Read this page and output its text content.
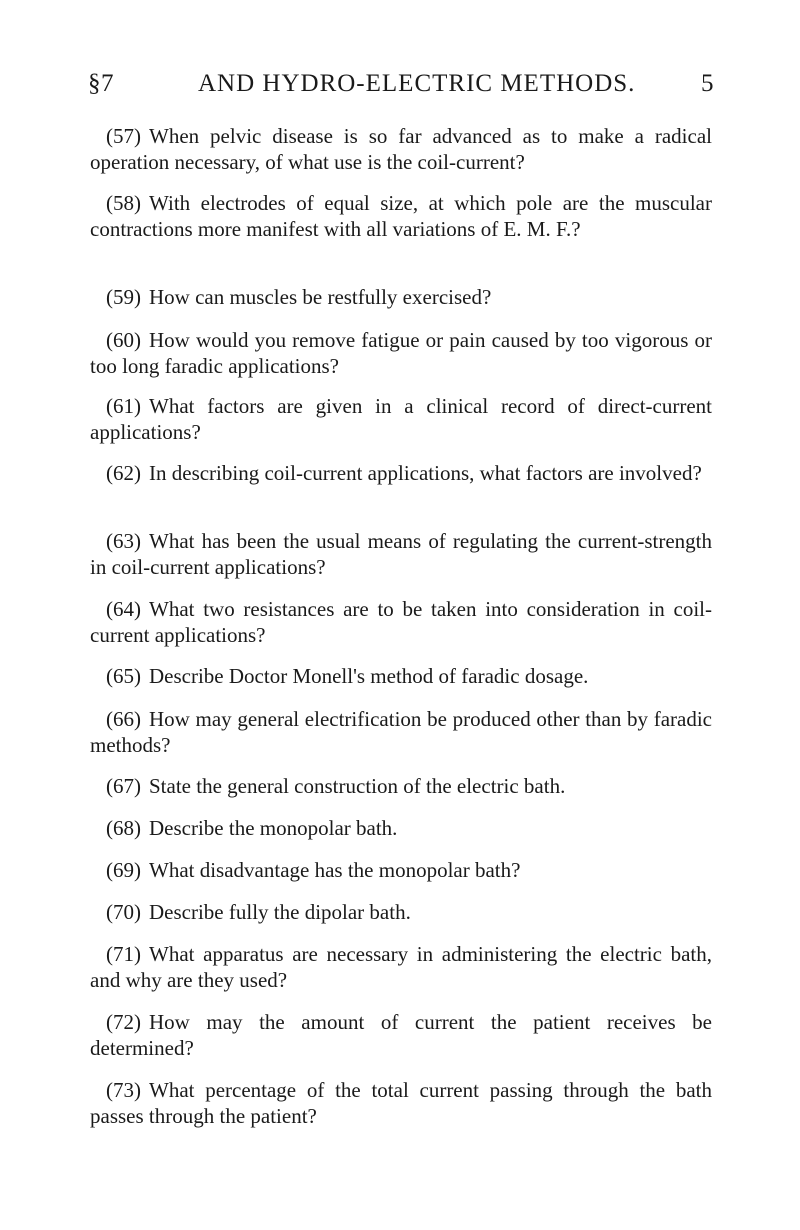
§7	AND HYDRO-ELECTRIC METHODS.	5

(57) When pelvic disease is so far advanced as to make a radical operation necessary, of what use is the coil-current?

(58) With electrodes of equal size, at which pole are the muscular contractions more manifest with all variations of E. M. F.?

(59) How can muscles be restfully exercised?

(60) How would you remove fatigue or pain caused by too vigorous or too long faradic applications?

(61) What factors are given in a clinical record of direct-current applications?

(62) In describing coil-current applications, what factors are involved?

(63) What has been the usual means of regulating the current-strength in coil-current applications?

(64) What two resistances are to be taken into consideration in coil-current applications?

(65) Describe Doctor Monell's method of faradic dosage.

(66) How may general electrification be produced other than by faradic methods?

(67) State the general construction of the electric bath.

(68) Describe the monopolar bath.

(69) What disadvantage has the monopolar bath?

(70) Describe fully the dipolar bath.

(71) What apparatus are necessary in administering the electric bath, and why are they used?

(72) How may the amount of current the patient receives be determined?

(73) What percentage of the total current passing through the bath passes through the patient?
